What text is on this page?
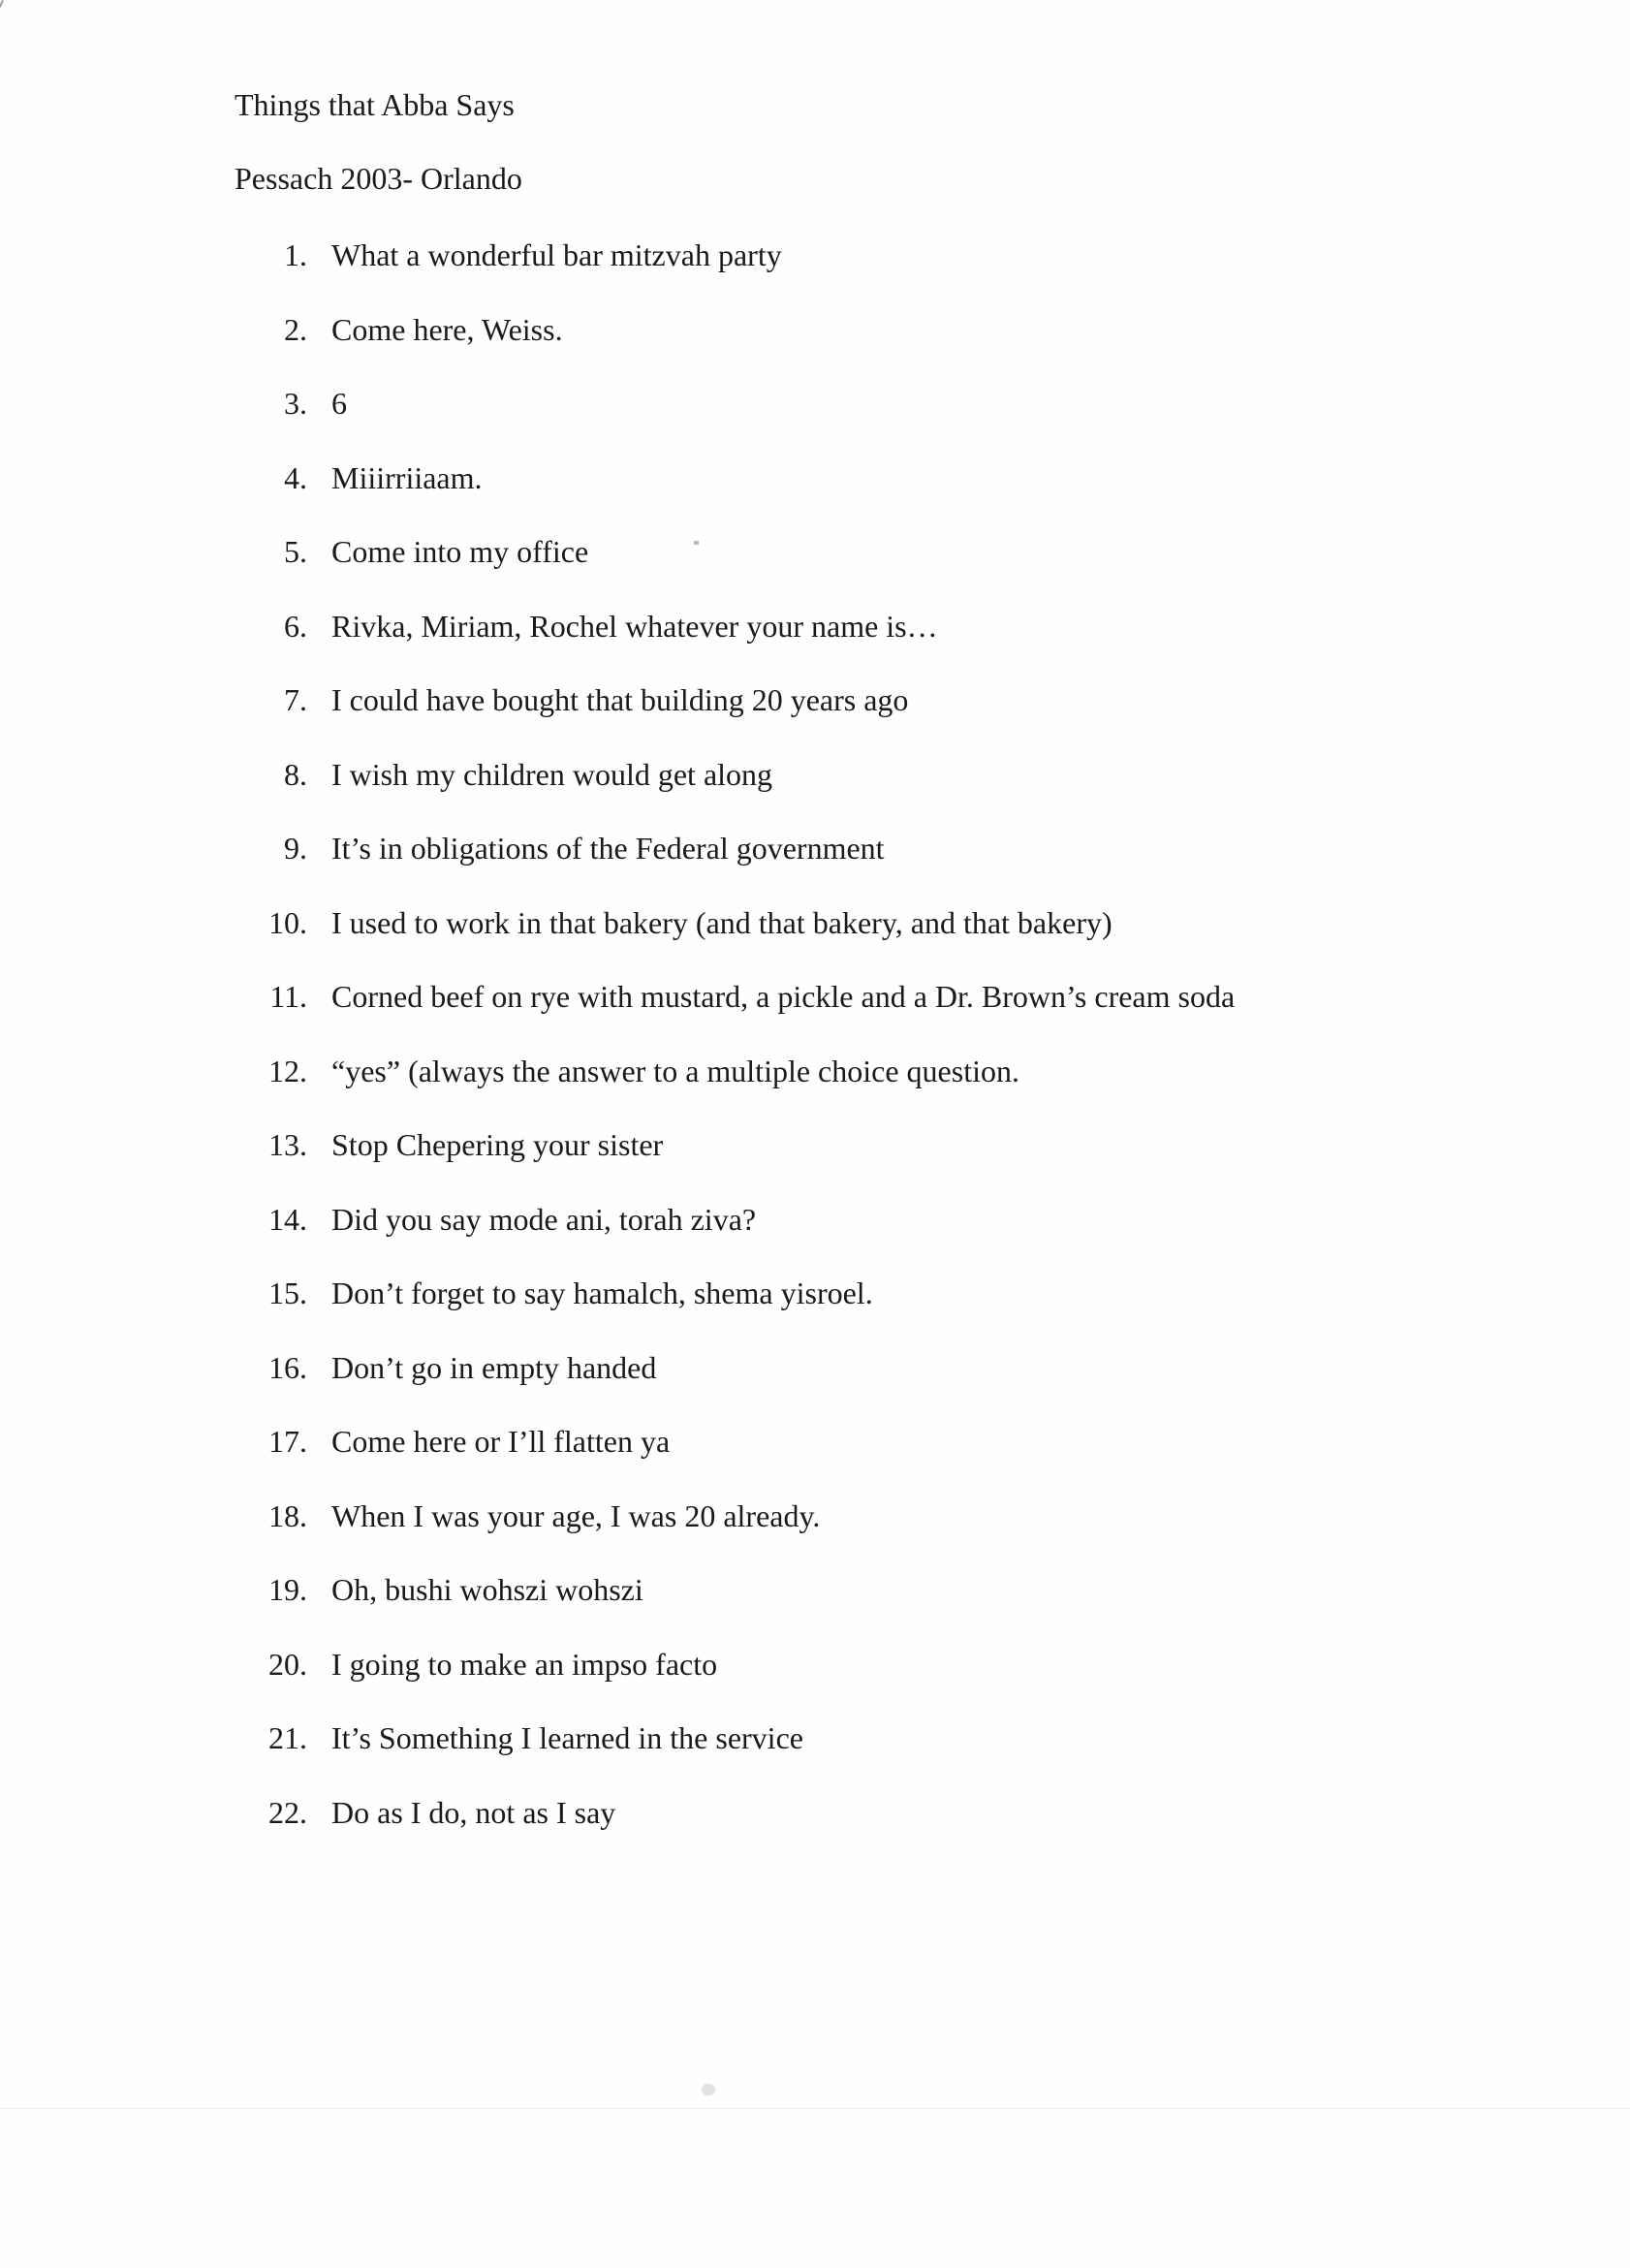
Things that Abba Says
Pessach 2003- Orlando
1. What a wonderful bar mitzvah party
2. Come here, Weiss.
3. 6
4. Miiirriiaam.
5. Come into my office
6. Rivka, Miriam, Rochel whatever your name is…
7. I could have bought that building 20 years ago
8. I wish my children would get along
9. It’s in obligations of the Federal government
10. I used to work in that bakery (and that bakery, and that bakery)
11. Corned beef on rye with mustard, a pickle and a Dr. Brown’s cream soda
12. “yes” (always the answer to a multiple choice question.
13. Stop Chepering your sister
14. Did you say mode ani, torah ziva?
15. Don’t forget to say hamalch, shema yisroel.
16. Don’t go in empty handed
17. Come here or I’ll flatten ya
18. When I was your age, I was 20 already.
19. Oh, bushi wohszi wohszi
20. I going to make an impso facto
21. It’s Something I learned in the service
22. Do as I do, not as I say
